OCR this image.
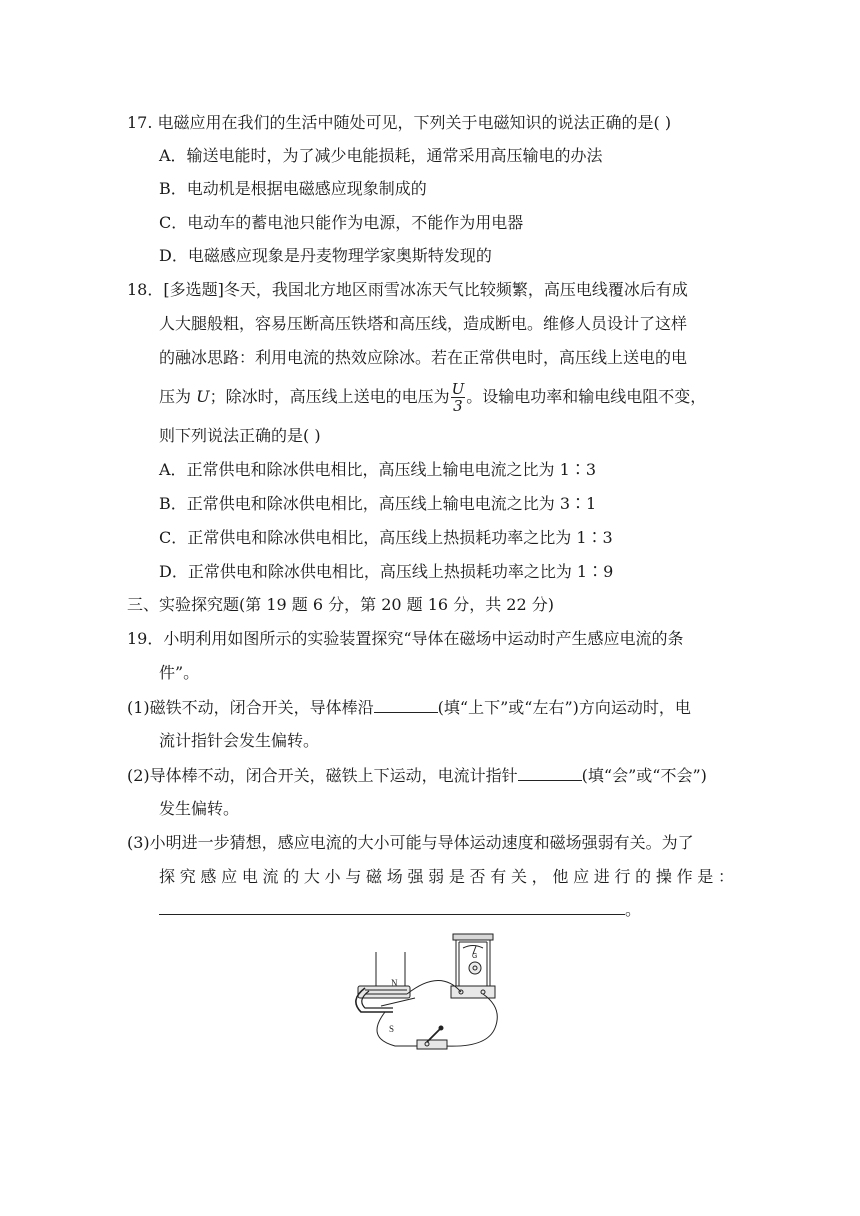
17. 电磁应用在我们的生活中随处可见，下列关于电磁知识的说法正确的是( )
A．输送电能时，为了减少电能损耗，通常采用高压输电的办法
B．电动机是根据电磁感应现象制成的
C．电动车的蓄电池只能作为电源，不能作为用电器
D．电磁感应现象是丹麦物理学家奥斯特发现的
18．[多选题]冬天，我国北方地区雨雪冰冻天气比较频繁，高压电线覆冰后有成
人大腿般粗，容易压断高压铁塔和高压线，造成断电。维修人员设计了这样
的融冰思路：利用电流的热效应除冰。若在正常供电时，高压线上送电的电
压为 U；除冰时，高压线上送电的电压为 $\frac{U}{3}$ 。设输电功率和输电线电阻不变，
则下列说法正确的是( )
A．正常供电和除冰供电相比，高压线上输电电流之比为 1∶3
B．正常供电和除冰供电相比，高压线上输电电流之比为 3∶1
C．正常供电和除冰供电相比，高压线上热损耗功率之比为 1∶3
D．正常供电和除冰供电相比，高压线上热损耗功率之比为 1∶9
三、实验探究题(第 19 题 6 分，第 20 题 16 分，共 22 分)
19．小明利用如图所示的实验装置探究“导体在磁场中运动时产生感应电流的条
件”。
(1)磁铁不动，闭合开关，导体棒沿	(填“上下”或“左右”)方向运动时，电
流计指针会发生偏转。
(2)导体棒不动，闭合开关，磁铁上下运动，电流计指针	(填“会”或“不会”)
发生偏转。
(3)小明进一步猜想，感应电流的大小可能与导体运动速度和磁场强弱有关。为了
探 究 感 应 电 流 的 大 小 与 磁 场 强 弱 是 否 有 关 ， 他 应 进 行 的 操 作 是 ：
。
N
S
G
